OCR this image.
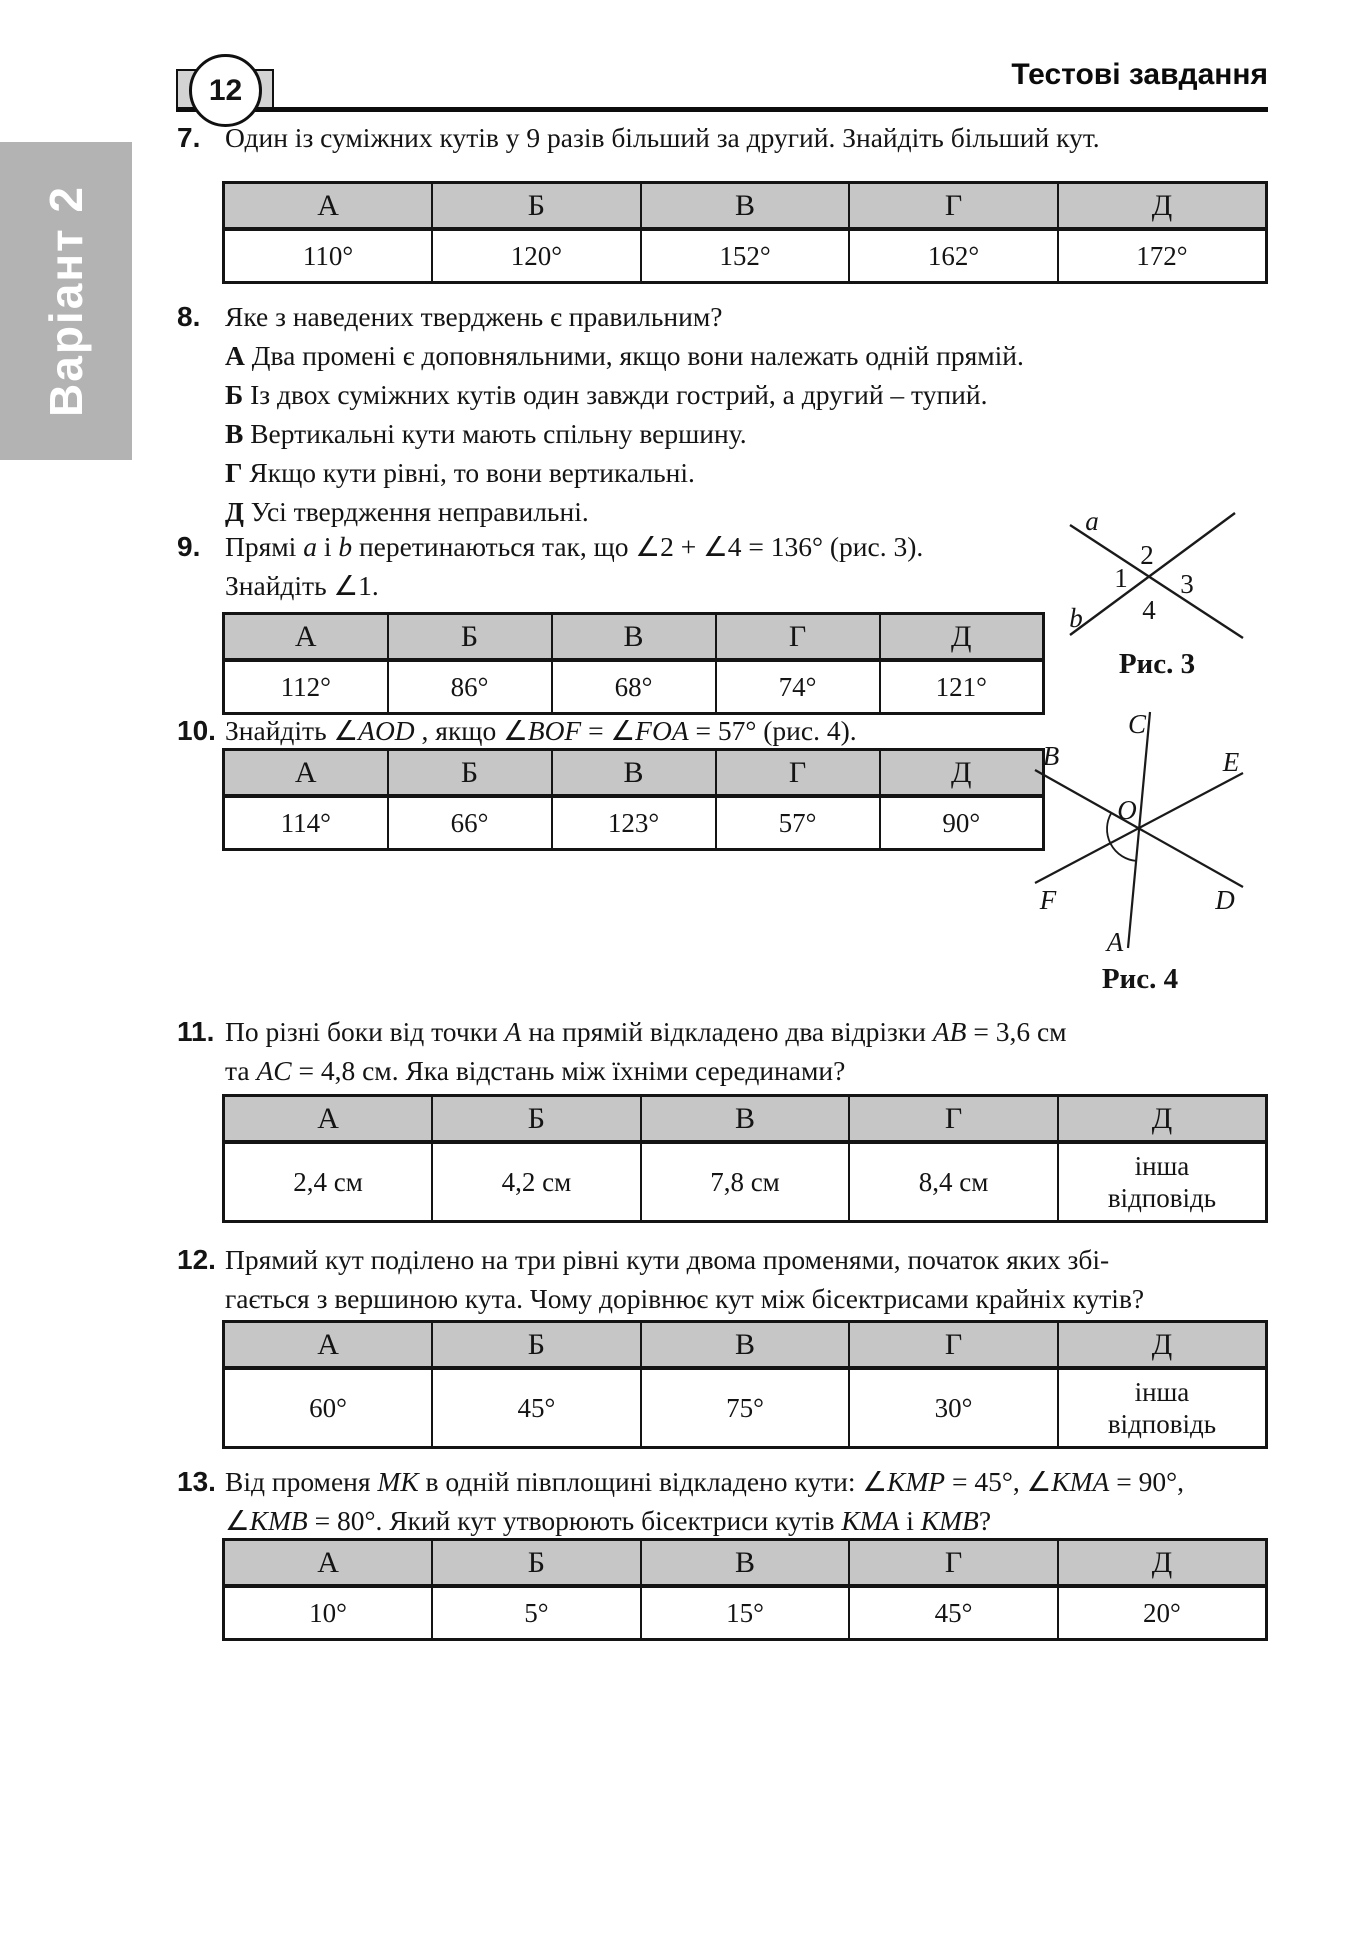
Варіант 2
12	Тестові завдання
7. Один із суміжних кутів у 9 разів більший за другий. Знайдіть більший кут.
А	Б	В	Г	Д
110°	120°	152°	162°	172°
8. Яке з наведених тверджень є правильним?
А Два промені є доповняльними, якщо вони належать одній прямій.
Б Із двох суміжних кутів один завжди гострий, а другий – тупий.
В Вертикальні кути мають спільну вершину.
Г Якщо кути рівні, то вони вертикальні.
Д Усі твердження неправильні.
9. Прямі a і b перетинаються так, що ∠2 + ∠4 = 136° (рис. 3).
Знайдіть ∠1.
А	Б	В	Г	Д
112°	86°	68°	74°	121°
10. Знайдіть ∠AOD , якщо ∠BOF = ∠FOA = 57° (рис. 4).
А	Б	В	Г	Д
114°	66°	123°	57°	90°
11. По різні боки від точки A на прямій відкладено два відрізки AB = 3,6 см
та AC = 4,8 см. Яка відстань між їхніми серединами?
А	Б	В	Г	Д
2,4 см	4,2 см	7,8 см	8,4 см	інша
відповідь
12. Прямий кут поділено на три рівні кути двома променями, початок яких збі-
гається з вершиною кута. Чому дорівнює кут між бісектрисами крайніх кутів?
А	Б	В	Г	Д
60°	45°	75°	30°	інша
відповідь
13. Від променя MK в одній півплощині відкладено кути: ∠KMP = 45°, ∠KMA = 90°,
∠KMB = 80°. Який кут утворюють бісектриси кутів KMA і KMB?
А	Б	В	Г	Д
10°	5°	15°	45°	20°
a
b
2
1 3
4
Рис. 3
C
B	E
O
F	D
A
Рис. 4
